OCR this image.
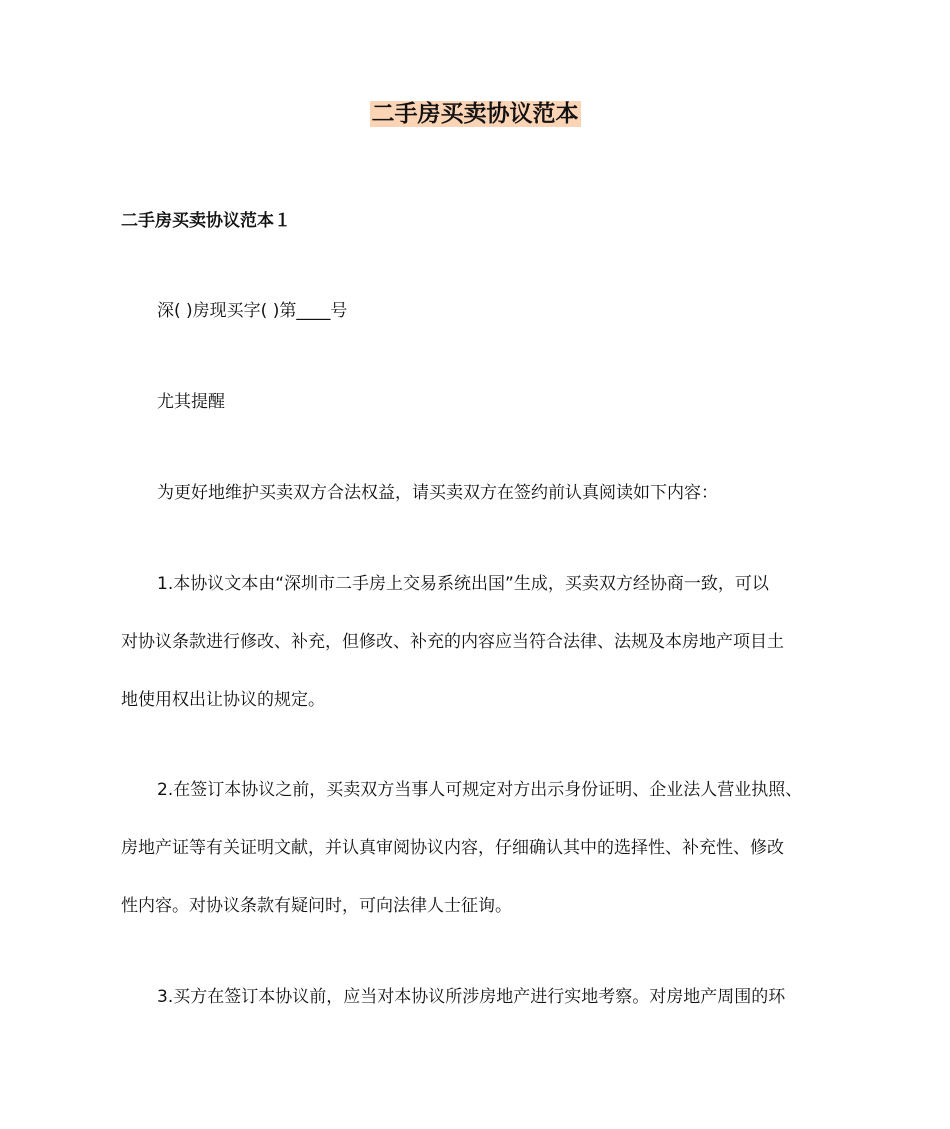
二手房买卖协议范本
二手房买卖协议范本１
深( )房现买字( )第____号
尤其提醒
为更好地维护买卖双方合法权益，请买卖双方在签约前认真阅读如下内容：
1.本协议文本由“深圳市二手房上交易系统出国”生成，买卖双方经协商一致，可以
对协议条款进行修改、补充，但修改、补充的内容应当符合法律、法规及本房地产项目土
地使用权出让协议的规定。
2.在签订本协议之前，买卖双方当事人可规定对方出示身份证明、企业法人营业执照、
房地产证等有关证明文献，并认真审阅协议内容，仔细确认其中的选择性、补充性、修改
性内容。对协议条款有疑问时，可向法律人士征询。
3.买方在签订本协议前，应当对本协议所涉房地产进行实地考察。对房地产周围的环
